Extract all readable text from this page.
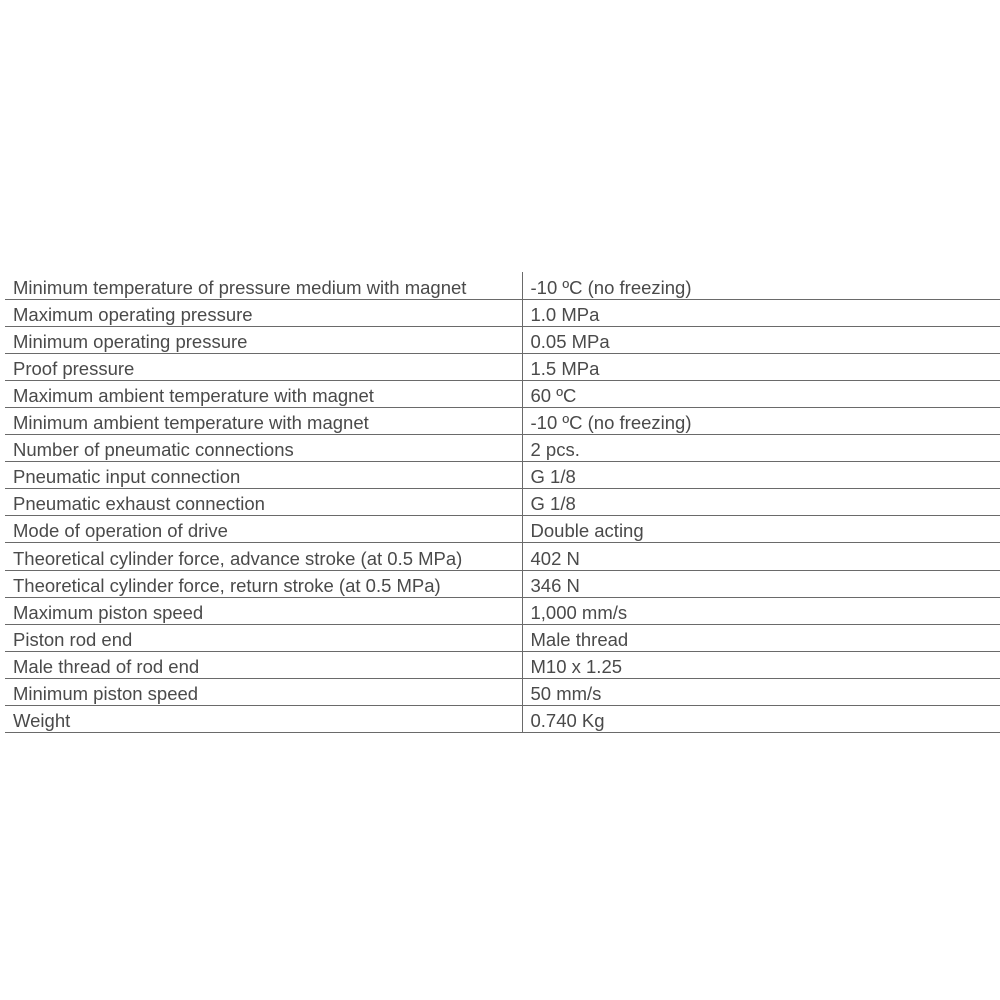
Minimum temperature of pressure medium with magnet	-10 ºC (no freezing)
Maximum operating pressure	1.0 MPa
Minimum operating pressure	0.05 MPa
Proof pressure	1.5 MPa
Maximum ambient temperature with magnet	60 ºC
Minimum ambient temperature with magnet	-10 ºC (no freezing)
Number of pneumatic connections	2 pcs.
Pneumatic input connection	G 1/8
Pneumatic exhaust connection	G 1/8
Mode of operation of drive	Double acting
Theoretical cylinder force, advance stroke (at 0.5 MPa)	402 N
Theoretical cylinder force, return stroke (at 0.5 MPa)	346 N
Maximum piston speed	1,000 mm/s
Piston rod end	Male thread
Male thread of rod end	M10 x 1.25
Minimum piston speed	50 mm/s
Weight	0.740 Kg
